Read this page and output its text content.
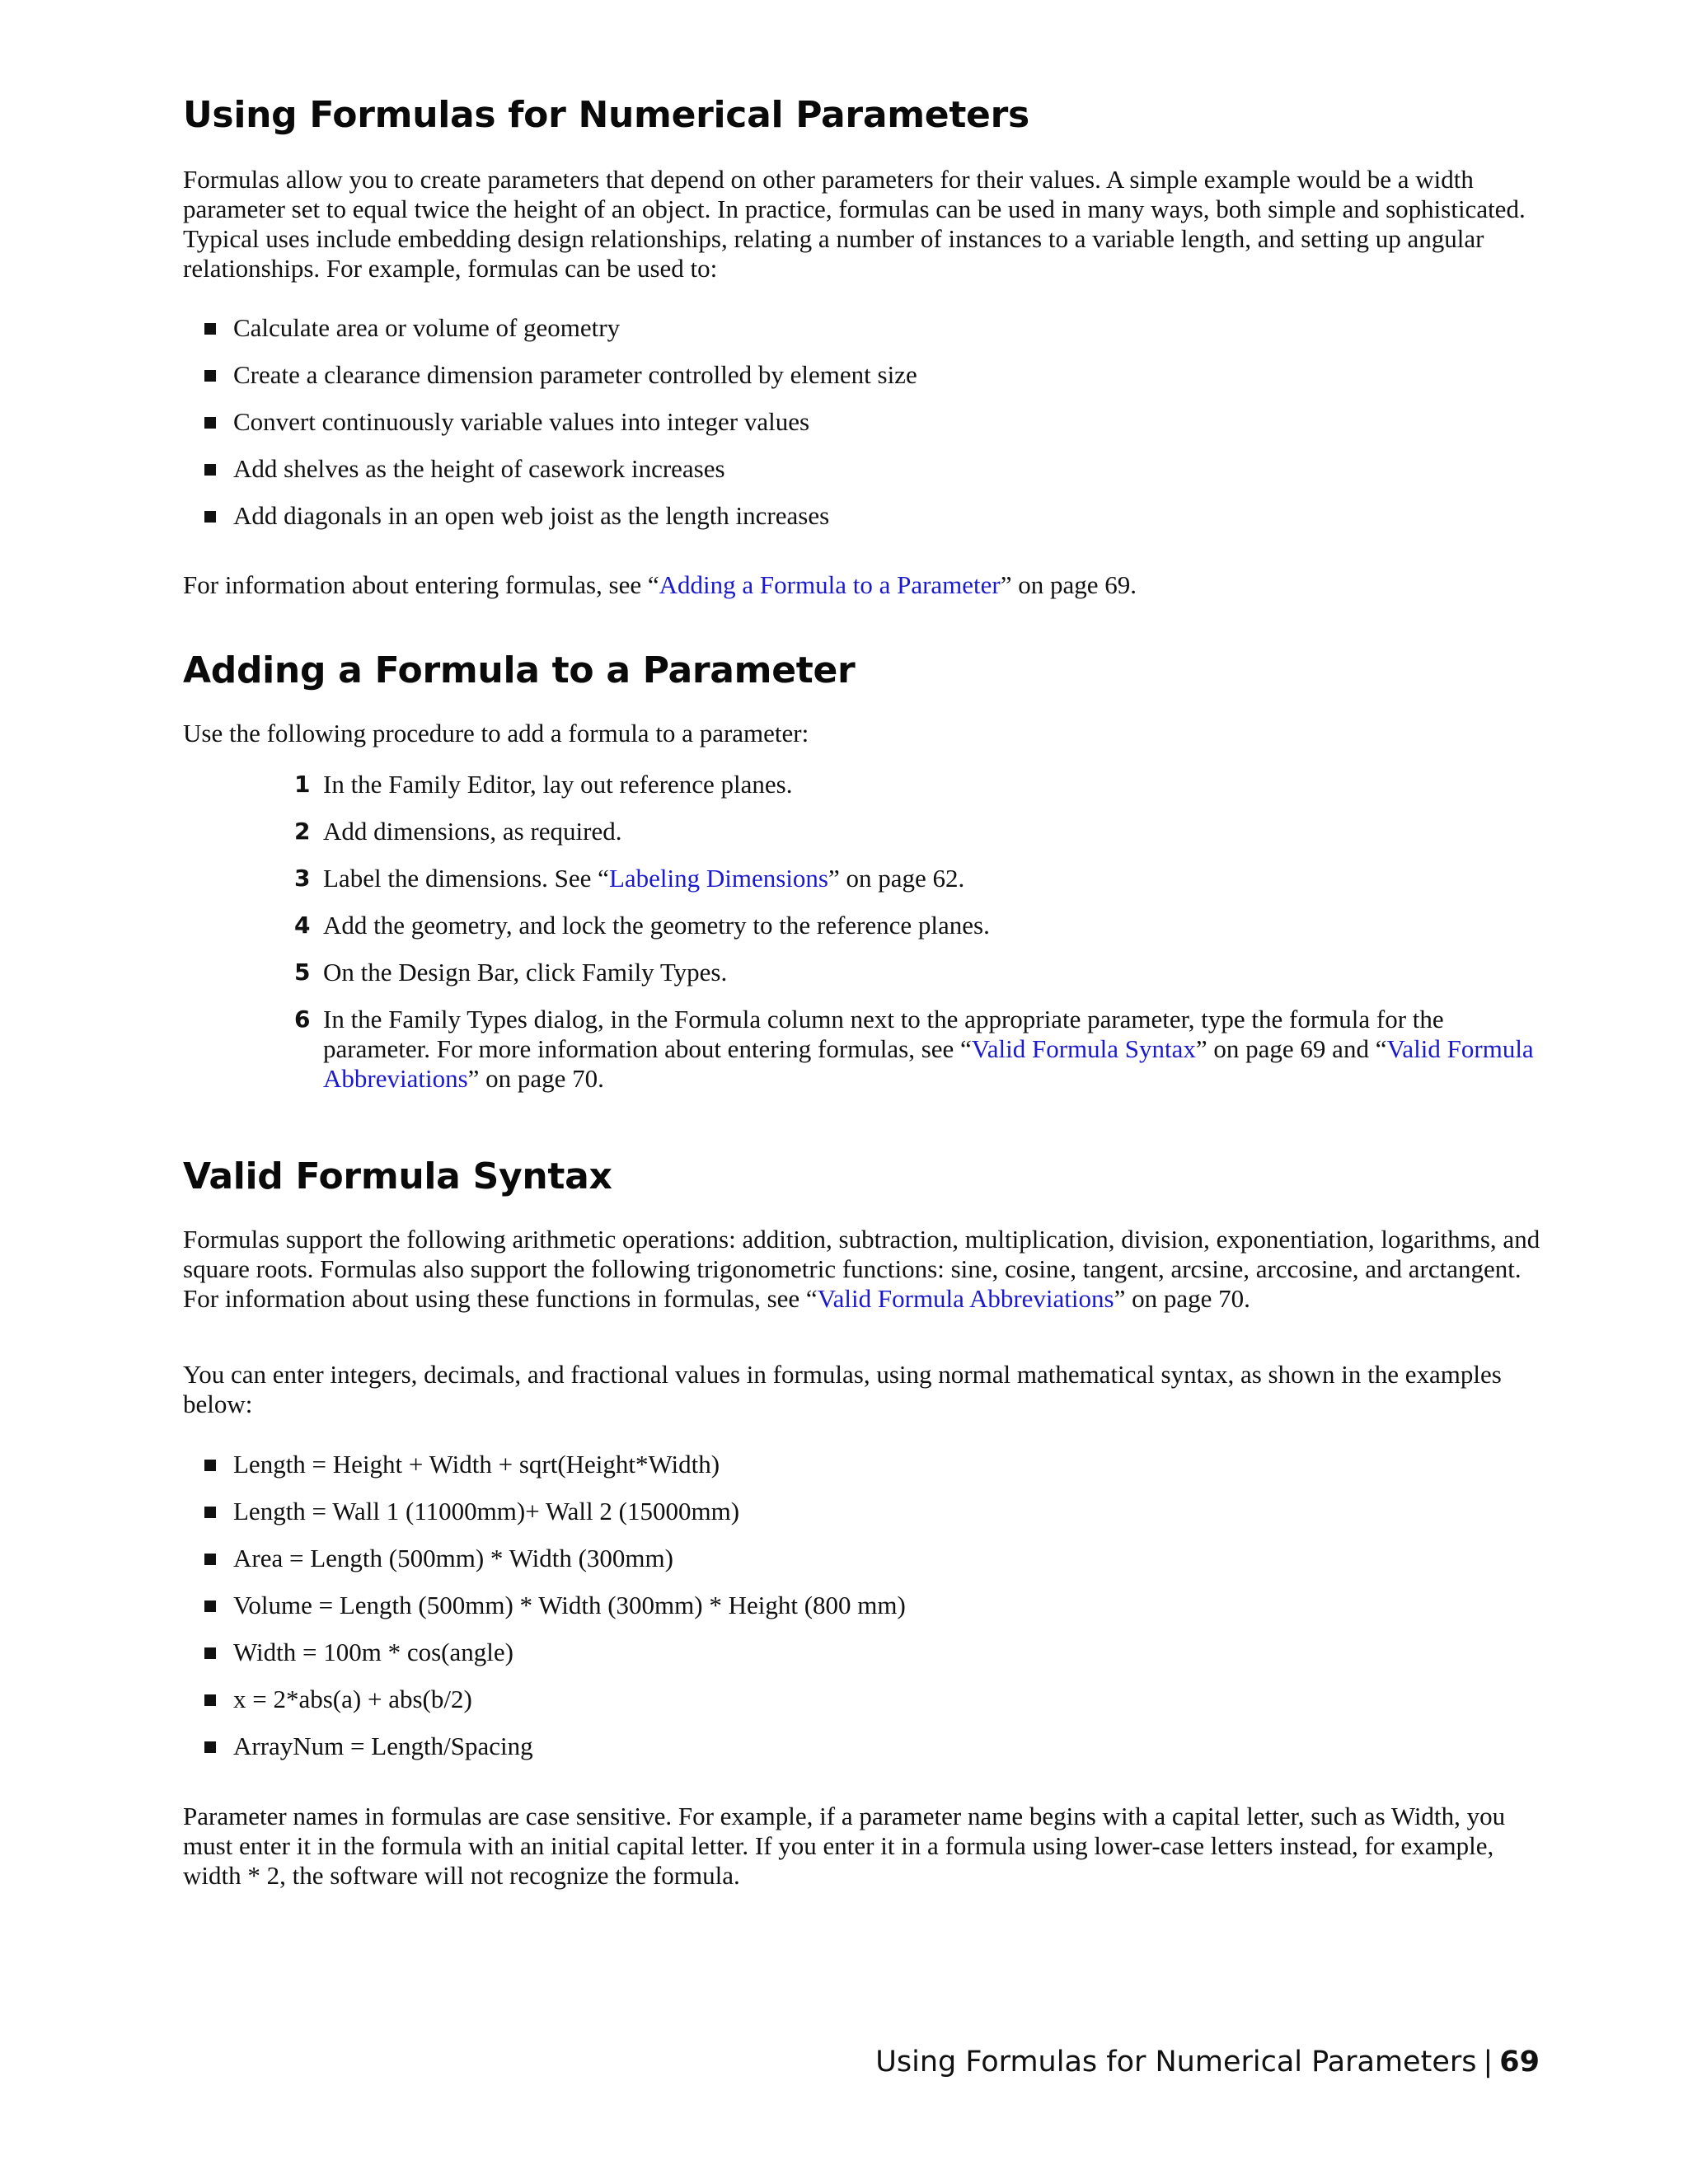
Using Formulas for Numerical Parameters

Formulas allow you to create parameters that depend on other parameters for their values. A simple example would be a width parameter set to equal twice the height of an object. In practice, formulas can be used in many ways, both simple and sophisticated. Typical uses include embedding design relationships, relating a number of instances to a variable length, and setting up angular relationships. For example, formulas can be used to:

Calculate area or volume of geometry
Create a clearance dimension parameter controlled by element size
Convert continuously variable values into integer values
Add shelves as the height of casework increases
Add diagonals in an open web joist as the length increases

For information about entering formulas, see “Adding a Formula to a Parameter” on page 69.

Adding a Formula to a Parameter

Use the following procedure to add a formula to a parameter:

1 In the Family Editor, lay out reference planes.
2 Add dimensions, as required.
3 Label the dimensions. See “Labeling Dimensions” on page 62.
4 Add the geometry, and lock the geometry to the reference planes.
5 On the Design Bar, click Family Types.
6 In the Family Types dialog, in the Formula column next to the appropriate parameter, type the formula for the parameter. For more information about entering formulas, see “Valid Formula Syntax” on page 69 and “Valid Formula Abbreviations” on page 70.
Valid Formula Syntax

Formulas support the following arithmetic operations: addition, subtraction, multiplication, division, exponentiation, logarithms, and square roots. Formulas also support the following trigonometric functions: sine, cosine, tangent, arcsine, arccosine, and arctangent. For information about using these functions in formulas, see “Valid Formula Abbreviations” on page 70.

You can enter integers, decimals, and fractional values in formulas, using normal mathematical syntax, as shown in the examples below:

Length = Height + Width + sqrt(Height*Width)
Length = Wall 1 (11000mm)+ Wall 2 (15000mm)
Area = Length (500mm) * Width (300mm)
Volume = Length (500mm) * Width (300mm) * Height (800 mm)
Width = 100m * cos(angle)
x = 2*abs(a) + abs(b/2)
ArrayNum = Length/Spacing

Parameter names in formulas are case sensitive. For example, if a parameter name begins with a capital letter, such as Width, you must enter it in the formula with an initial capital letter. If you enter it in a formula using lower-case letters instead, for example, width * 2, the software will not recognize the formula.

Using Formulas for Numerical Parameters | 69
